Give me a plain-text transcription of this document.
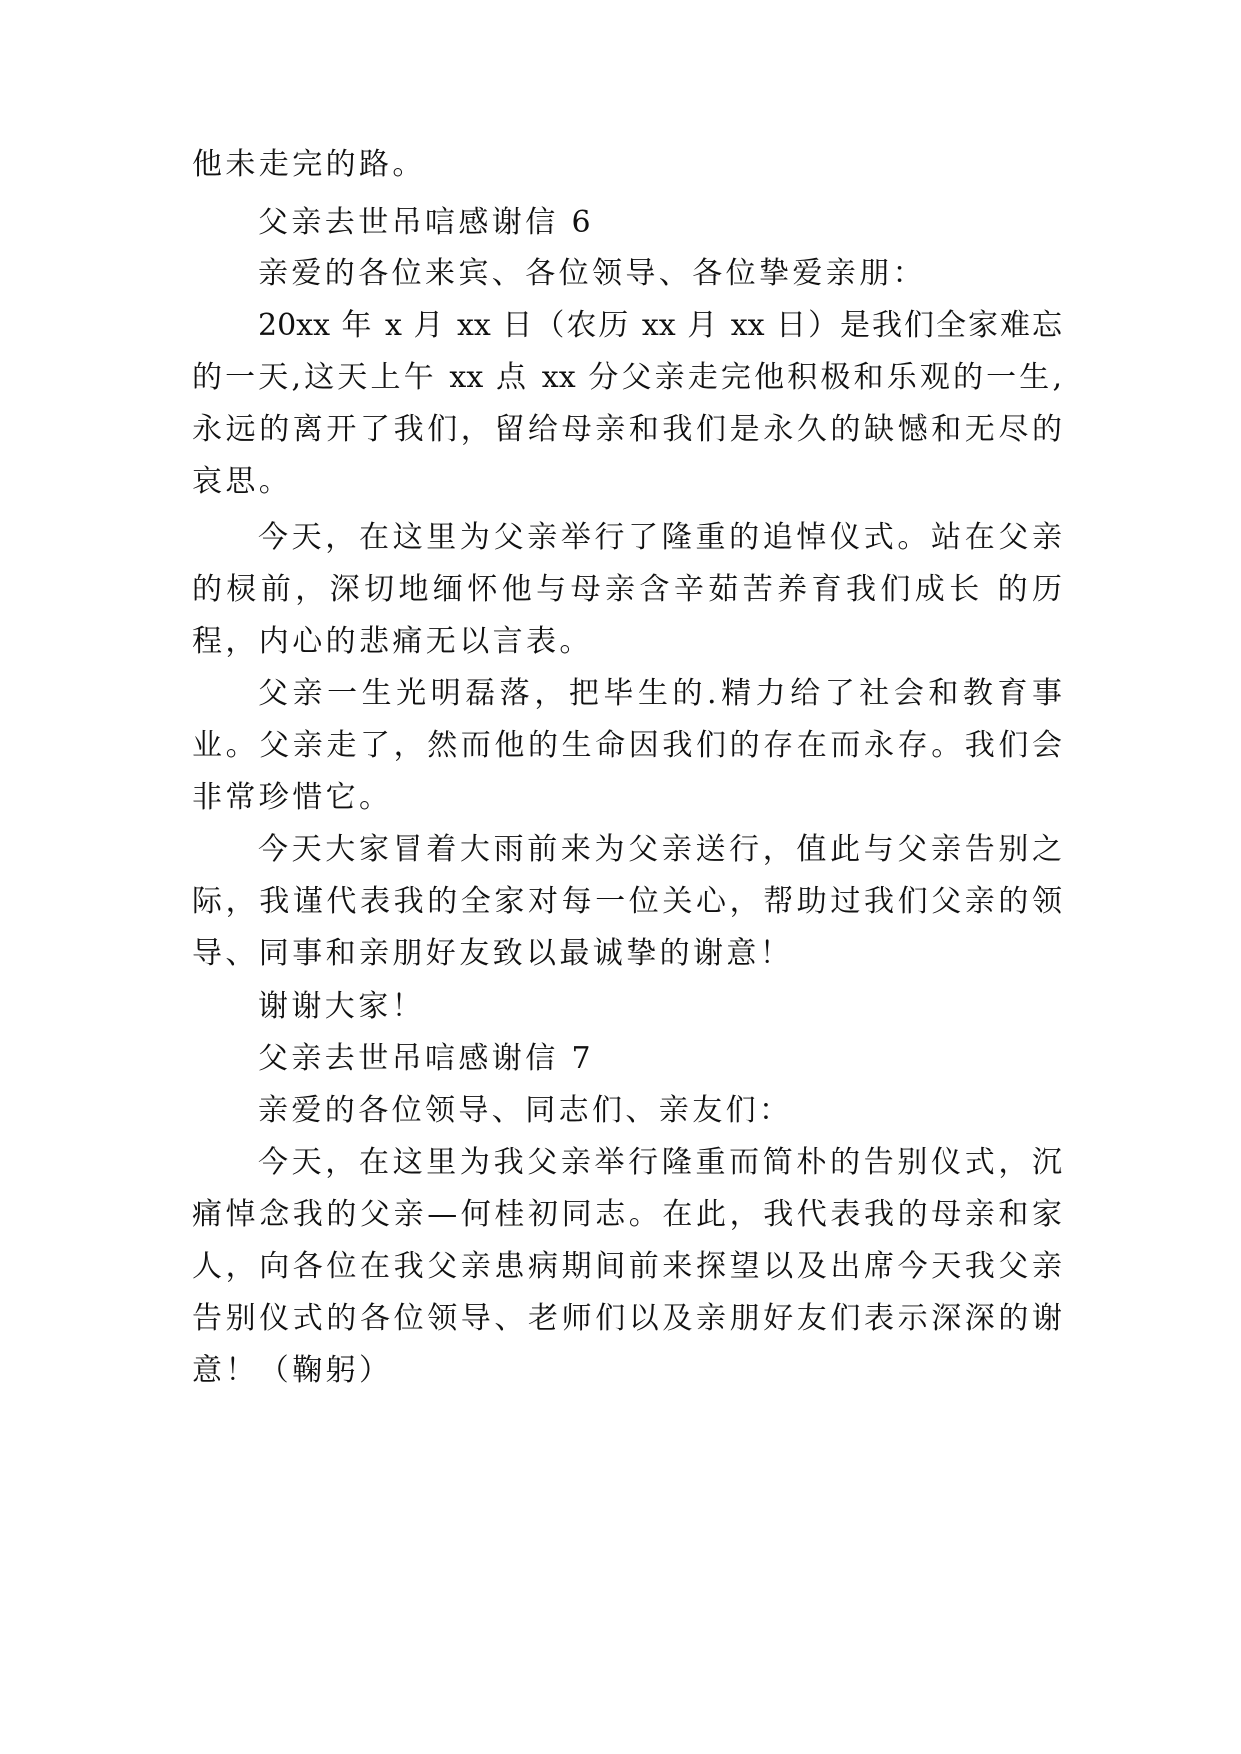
他未走完的路。
父亲去世吊唁感谢信 6
亲爱的各位来宾、各位领导、各位挚爱亲朋：
20xx 年 x 月 xx 日（农历 xx 月 xx 日）是我们全家难忘
的一天,这天上午 xx 点 xx 分父亲走完他积极和乐观的一生,
永远的离开了我们，留给母亲和我们是永久的缺憾和无尽的
哀思。
今天，在这里为父亲举行了隆重的追悼仪式。站在父亲
的棂前，深切地缅怀他与母亲含辛茹苦养育我们成长 的历
程，内心的悲痛无以言表。
父亲一生光明磊落，把毕生的.精力给了社会和教育事
业。父亲走了，然而他的生命因我们的存在而永存。我们会
非常珍惜它。
今天大家冒着大雨前来为父亲送行，值此与父亲告别之
际，我谨代表我的全家对每一位关心，帮助过我们父亲的领
导、同事和亲朋好友致以最诚挚的谢意！
谢谢大家！
父亲去世吊唁感谢信 7
亲爱的各位领导、同志们、亲友们：
今天，在这里为我父亲举行隆重而简朴的告别仪式，沉
痛悼念我的父亲—何桂初同志。在此，我代表我的母亲和家
人，向各位在我父亲患病期间前来探望以及出席今天我父亲
告别仪式的各位领导、老师们以及亲朋好友们表示深深的谢
意！（鞠躬）
